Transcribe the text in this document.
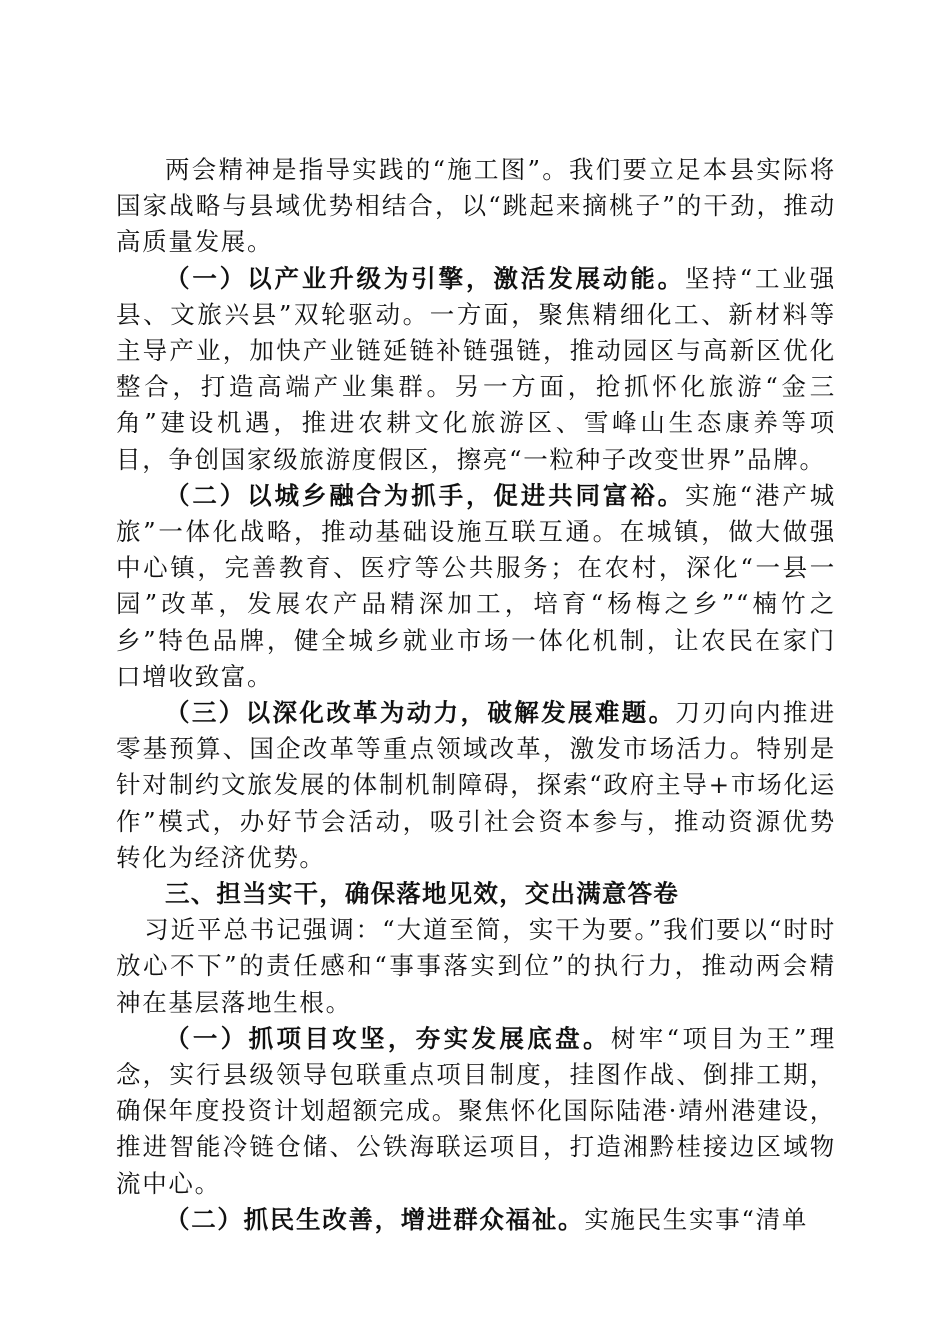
两会精神是指导实践的“施工图”。我们要立足本县实际将国家战略与县域优势相结合，以“跳起来摘桃子”的干劲，推动高质量发展。

（一）以产业升级为引擎，激活发展动能。坚持“工业强县、文旅兴县”双轮驱动。一方面，聚焦精细化工、新材料等主导产业，加快产业链延链补链强链，推动园区与高新区优化整合，打造高端产业集群。另一方面，抢抓怀化旅游“金三角”建设机遇，推进农耕文化旅游区、雪峰山生态康养等项目，争创国家级旅游度假区，擦亮“一粒种子改变世界”品牌。

（二）以城乡融合为抓手，促进共同富裕。实施“港产城旅”一体化战略，推动基础设施互联互通。在城镇，做大做强中心镇，完善教育、医疗等公共服务；在农村，深化“一县一园”改革，发展农产品精深加工，培育“杨梅之乡”“楠竹之乡”特色品牌，健全城乡就业市场一体化机制，让农民在家门口增收致富。

（三）以深化改革为动力，破解发展难题。刀刃向内推进零基预算、国企改革等重点领域改革，激发市场活力。特别是针对制约文旅发展的体制机制障碍，探索“政府主导+市场化运作”模式，办好节会活动，吸引社会资本参与，推动资源优势转化为经济优势。

三、担当实干，确保落地见效，交出满意答卷

习近平总书记强调：“大道至简，实干为要。”我们要以“时时放心不下”的责任感和“事事落实到位”的执行力，推动两会精神在基层落地生根。

（一）抓项目攻坚，夯实发展底盘。树牢“项目为王”理念，实行县级领导包联重点项目制度，挂图作战、倒排工期，确保年度投资计划超额完成。聚焦怀化国际陆港·靖州港建设，推进智能冷链仓储、公铁海联运项目，打造湘黔桂接边区域物流中心。

（二）抓民生改善，增进群众福祉。实施民生实事“清单
